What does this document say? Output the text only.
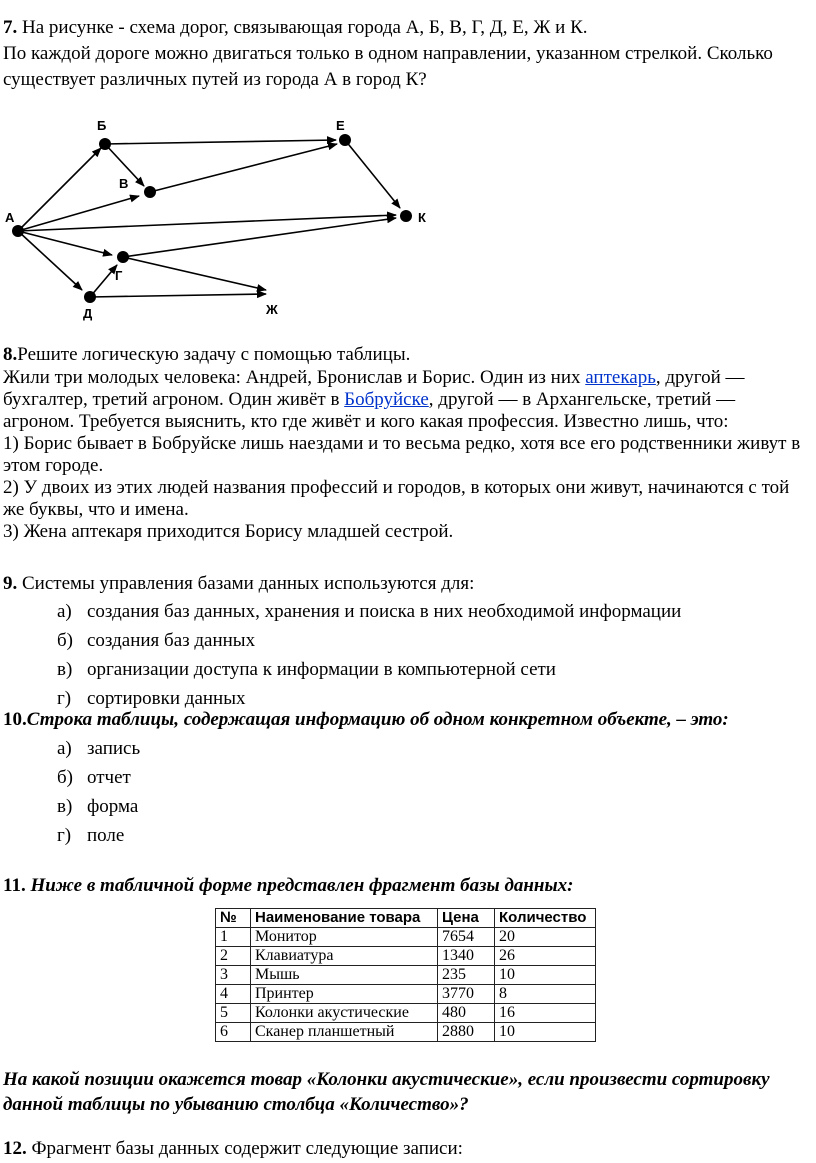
7. На рисунке - схема дорог, связывающая города А, Б, В, Г, Д, Е, Ж и К.
По каждой дороге можно двигаться только в одном направлении, указанном стрелкой. Сколько
существует различных путей из города А в город К?
А
Б
В
Г
Д
Е
Ж
К
8.Решите логическую задачу с помощью таблицы.
Жили три молодых человека: Андрей, Бронислав и Борис. Один из них аптекарь, другой —
бухгалтер, третий агроном. Один живёт в Бобруйске, другой — в Архангельске, третий —
агроном. Требуется выяснить, кто где живёт и кого какая профессия. Известно лишь, что:
1) Борис бывает в Бобруйске лишь наездами и то весьма редко, хотя все его родственники живут в
этом городе.
2) У двоих из этих людей названия профессий и городов, в которых они живут, начинаются с той
же буквы, что и имена.
3) Жена аптекаря приходится Борису младшей сестрой.
9. Системы управления базами данных используются для:
а) создания баз данных, хранения и поиска в них необходимой информации
б) создания баз данных
в) организации доступа к информации в компьютерной сети
г) сортировки данных
10.Строка таблицы, содержащая информацию об одном конкретном объекте, – это:
а) запись
б) отчет
в) форма
г) поле
11. Ниже в табличной форме представлен фрагмент базы данных:
№	Наименование товара	Цена	Количество
1	Монитор	7654	20
2	Клавиатура	1340	26
3	Мышь	235	10
4	Принтер	3770	8
5	Колонки акустические	480	16
6	Сканер планшетный	2880	10
На какой позиции окажется товар «Колонки акустические», если произвести сортировку
данной таблицы по убыванию столбца «Количество»?
12. Фрагмент базы данных содержит следующие записи:
